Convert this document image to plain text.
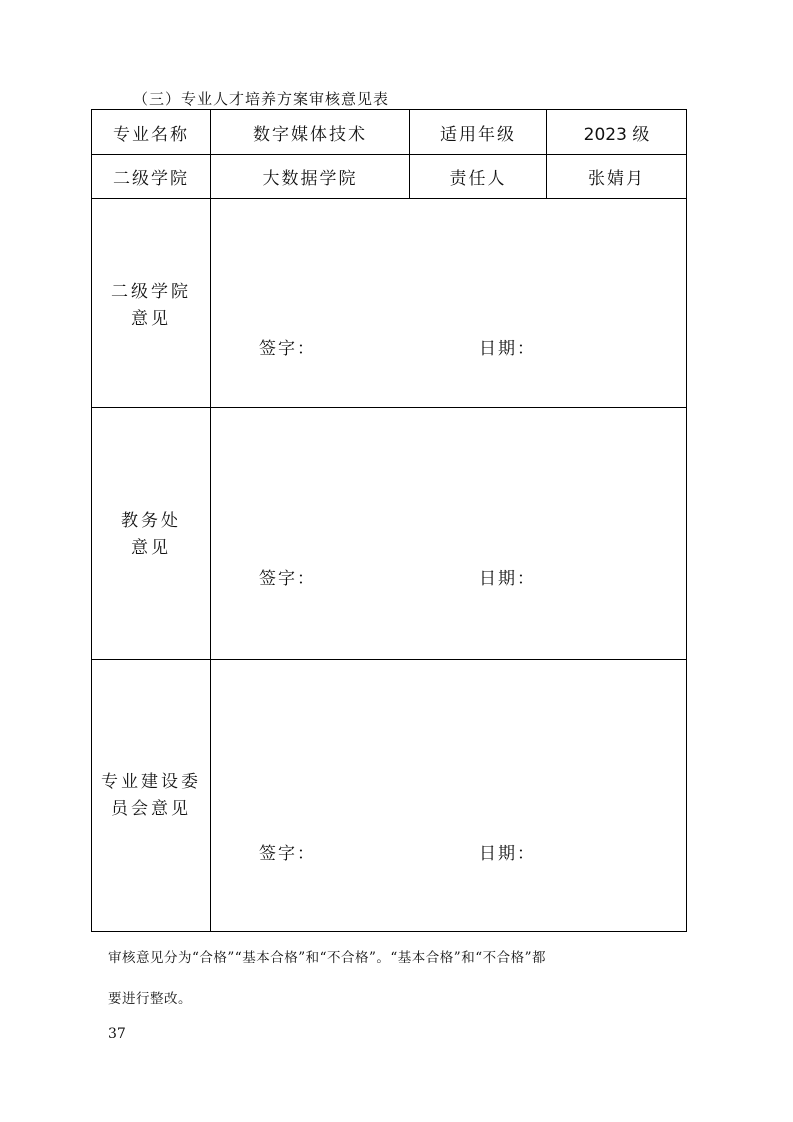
（三）专业人才培养方案审核意见表
专业名称	数字媒体技术	适用年级	2023 级
二级学院	大数据学院	责任人	张婧月
二级学院
意见
签字：	日期：
教务处
意见
签字：	日期：
专业建设委
员会意见
签字：	日期：
审核意见分为“合格”“基本合格”和“不合格”。“基本合格”和“不合格”都
要进行整改。
37
